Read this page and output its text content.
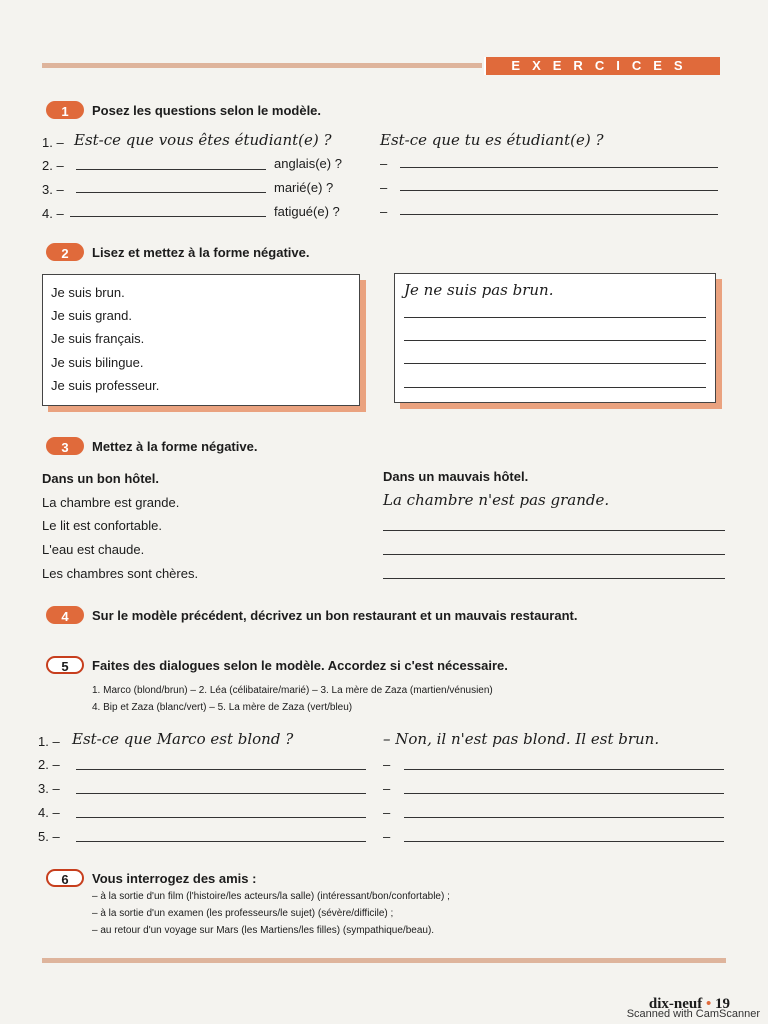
EXERCICES
1	Posez les questions selon le modèle.
1. – Est-ce que vous êtes étudiant(e) ?	Est-ce que tu es étudiant(e) ?
2. –	anglais(e) ?	–
3. –	marié(e) ?	–
4. –	fatigué(e) ?	–
2	Lisez et mettez à la forme négative.
Je suis brun.
Je suis grand.
Je suis français.
Je suis bilingue.
Je suis professeur.
Je ne suis pas brun.
3	Mettez à la forme négative.
Dans un bon hôtel.	Dans un mauvais hôtel.
La chambre est grande.	La chambre n'est pas grande.
Le lit est confortable.
L'eau est chaude.
Les chambres sont chères.
4	Sur le modèle précédent, décrivez un bon restaurant et un mauvais restaurant.
5	Faites des dialogues selon le modèle. Accordez si c'est nécessaire.
1. Marco (blond/brun) – 2. Léa (célibataire/marié) – 3. La mère de Zaza (martien/vénusien)
4. Bip et Zaza (blanc/vert) – 5. La mère de Zaza (vert/bleu)
1. – Est-ce que Marco est blond ?	– Non, il n'est pas blond. Il est brun.
2. –	–
3. –	–
4. –	–
5. –	–
6	Vous interrogez des amis :
– à la sortie d'un film (l'histoire/les acteurs/la salle) (intéressant/bon/confortable) ;
– à la sortie d'un examen (les professeurs/le sujet) (sévère/difficile) ;
– au retour d'un voyage sur Mars (les Martiens/les filles) (sympathique/beau).
dix-neuf • 19
Scanned with CamScanner
